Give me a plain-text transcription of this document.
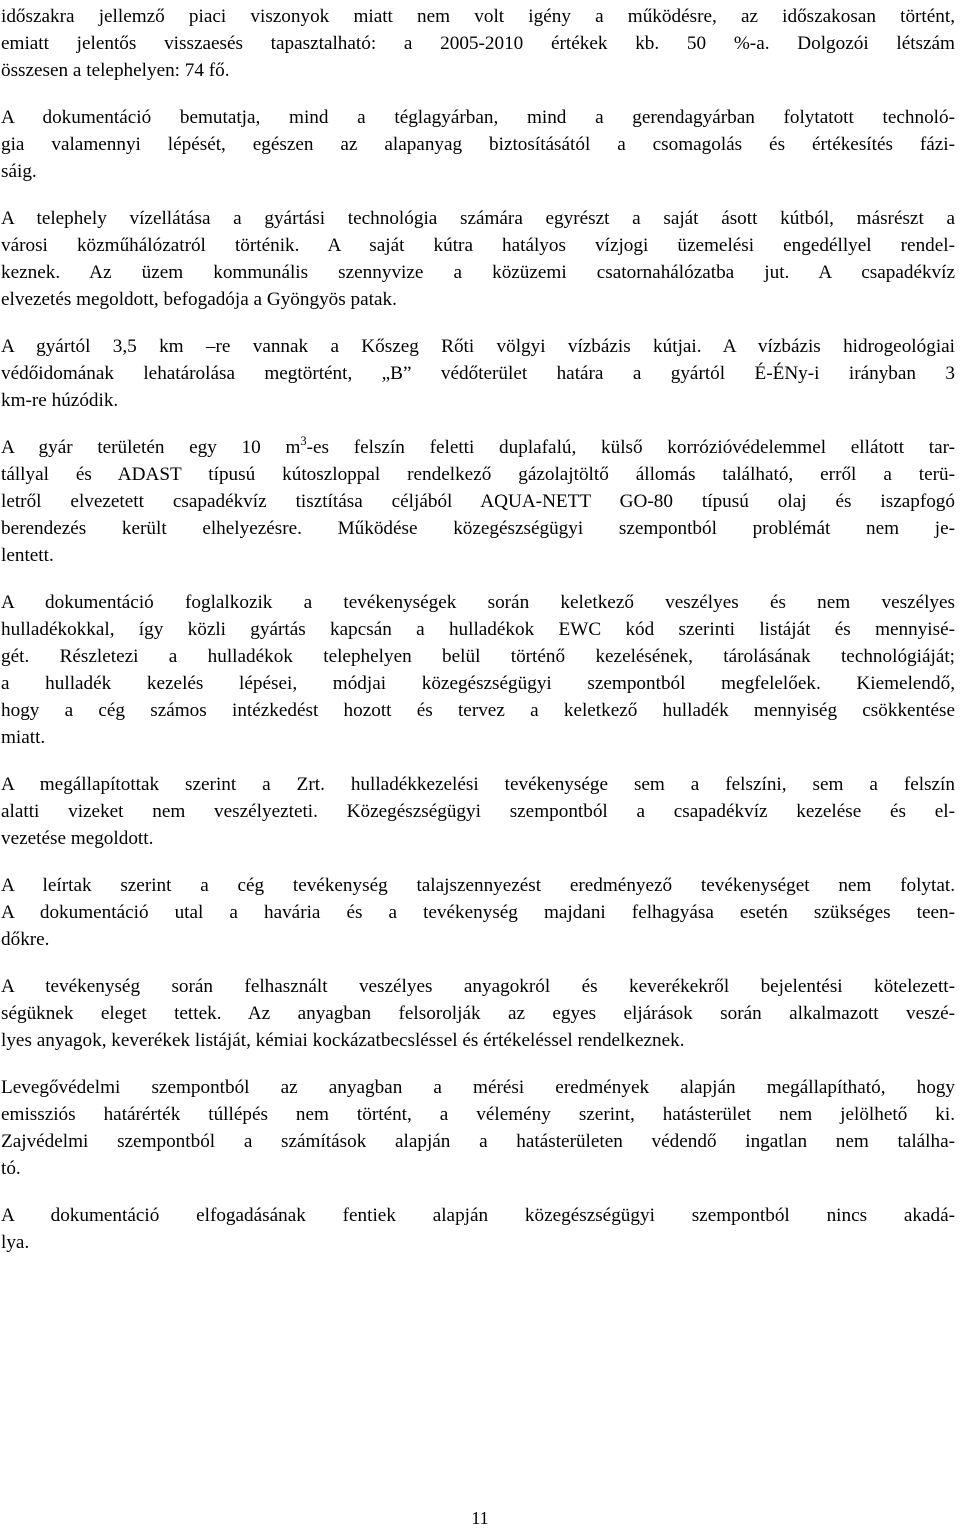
időszakra jellemző piaci viszonyok miatt nem volt igény a működésre, az időszakosan történt,
emiatt jelentős visszaesés tapasztalható: a 2005-2010 értékek kb. 50 %-a. Dolgozói létszám
összesen a telephelyen: 74 fő.

A dokumentáció bemutatja, mind a téglagyárban, mind a gerendagyárban folytatott technoló-
gia valamennyi lépését, egészen az alapanyag biztosításától a csomagolás és értékesítés fázi-
sáig.

A telephely vízellátása a gyártási technológia számára egyrészt a saját ásott kútból, másrészt a
városi közműhálózatról történik. A saját kútra hatályos vízjogi üzemelési engedéllyel rendel-
keznek. Az üzem kommunális szennyvize a közüzemi csatornahálózatba jut. A csapadékvíz
elvezetés megoldott, befogadója a Gyöngyös patak.

A gyártól 3,5 km –re vannak a Kőszeg Rőti völgyi vízbázis kútjai. A vízbázis hidrogeológiai
védőidomának lehatárolása megtörtént, „B” védőterület határa a gyártól É-ÉNy-i irányban 3
km-re húzódik.

A gyár területén egy 10 $m^3-es$ felszín feletti duplafalú, külső korrózióvédelemmel ellátott tar-
tállyal és ADAST típusú kútoszloppal rendelkező gázolajtöltő állomás található, erről a terü-
letről elvezetett csapadékvíz tisztítása céljából AQUA-NETT GO-80 típusú olaj és iszapfogó
berendezés került elhelyezésre. Működése közegészségügyi szempontból problémát nem je-
lentett.

A dokumentáció foglalkozik a tevékenységek során keletkező veszélyes és nem veszélyes
hulladékokkal, így közli gyártás kapcsán a hulladékok EWC kód szerinti listáját és mennyisé-
gét. Részletezi a hulladékok telephelyen belül történő kezelésének, tárolásának technológiáját;
a hulladék kezelés lépései, módjai közegészségügyi szempontból megfelelőek. Kiemelendő,
hogy a cég számos intézkedést hozott és tervez a keletkező hulladék mennyiség csökkentése
miatt.

A megállapítottak szerint a Zrt. hulladékkezelési tevékenysége sem a felszíni, sem a felszín
alatti vizeket nem veszélyezteti. Közegészségügyi szempontból a csapadékvíz kezelése és el-
vezetése megoldott.

A leírtak szerint a cég tevékenység talajszennyezést eredményező tevékenységet nem folytat.
A dokumentáció utal a havária és a tevékenység majdani felhagyása esetén szükséges teen-
dőkre.

A tevékenység során felhasznált veszélyes anyagokról és keverékekről bejelentési kötelezett-
ségüknek eleget tettek. Az anyagban felsorolják az egyes eljárások során alkalmazott veszé-
lyes anyagok, keverékek listáját, kémiai kockázatbecsléssel és értékeléssel rendelkeznek.

Levegővédelmi szempontból az anyagban a mérési eredmények alapján megállapítható, hogy
emissziós határérték túllépés nem történt, a vélemény szerint, hatásterület nem jelölhető ki.
Zajvédelmi szempontból a számítások alapján a hatásterületen védendő ingatlan nem találha-
tó.

A dokumentáció elfogadásának fentiek alapján közegészségügyi szempontból nincs akadá-
lya.

11
